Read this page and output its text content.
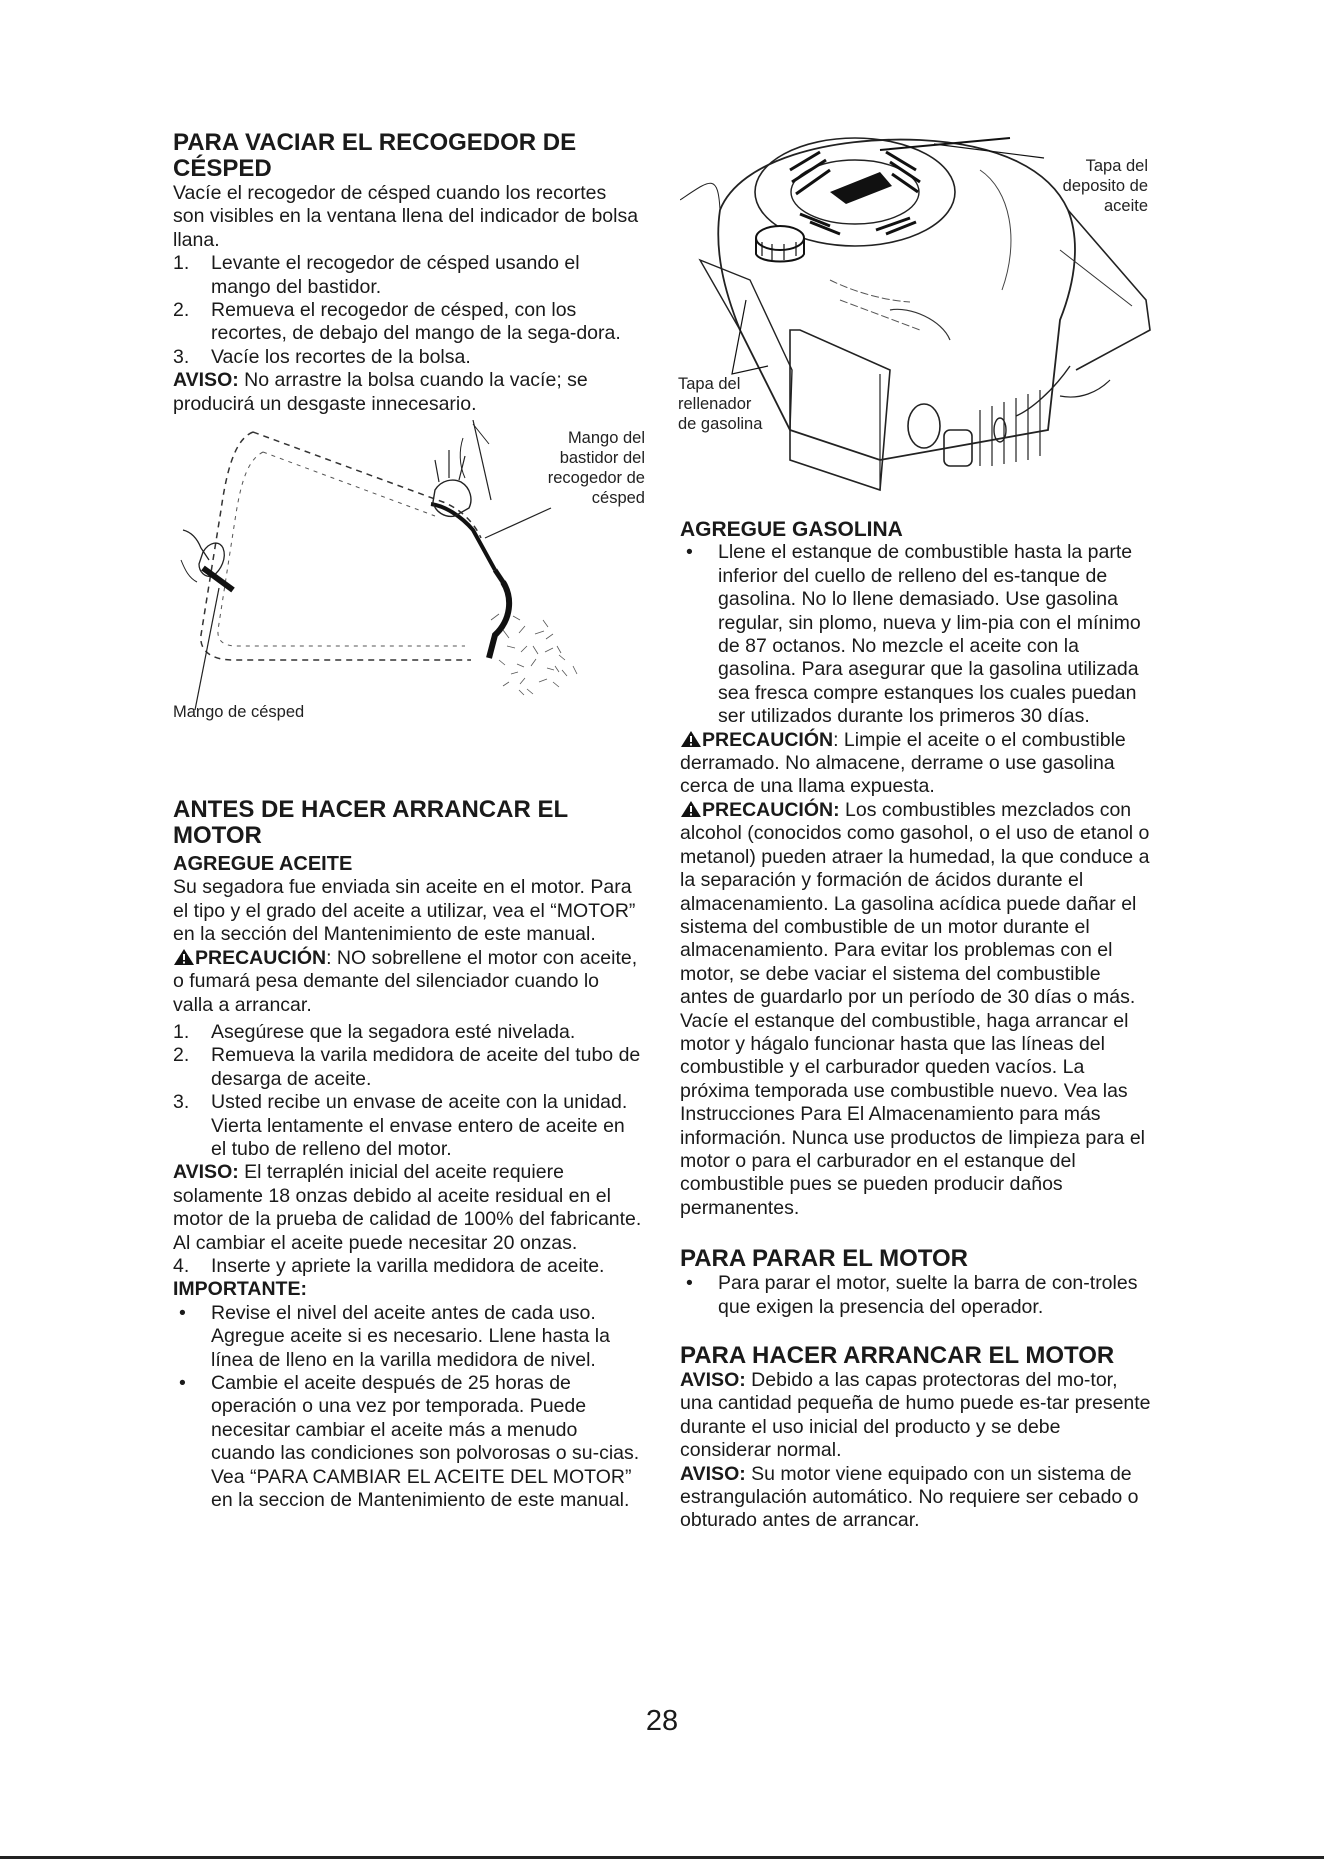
PARA VACIAR EL RECOGEDOR DE CÉSPED

Vacíe el recogedor de césped cuando los recortes son visibles en la ventana llena del indicador de bolsa llana.

1. Levante el recogedor de césped usando el mango del bastidor.
2. Remueva el recogedor de césped, con los recortes, de debajo del mango de la sega-dora.
3. Vacíe los recortes de la bolsa.

AVISO: No arrastre la bolsa cuando la vacíe; se producirá un desgaste innecesario.

Mango del bastidor del recogedor de césped
Mango de césped
ANTES DE HACER ARRANCAR EL MOTOR
AGREGUE ACEITE

Su segadora fue enviada sin aceite en el motor. Para el tipo y el grado del aceite a utilizar, vea el “MOTOR” en la sección del Mantenimiento de este manual.

PRECAUCIÓN: NO sobrellene el motor con aceite, o fumará pesa demante del silenciador cuando lo valla a arrancar.

1. Asegúrese que la segadora esté nivelada.
2. Remueva la varila medidora de aceite del tubo de desarga de aceite.
3. Usted recibe un envase de aceite con la unidad. Vierta lentamente el envase entero de aceite en el tubo de relleno del motor.

AVISO: El terraplén inicial del aceite requiere solamente 18 onzas debido al aceite residual en el motor de la prueba de calidad de 100% del fabricante. Al cambiar el aceite puede necesitar 20 onzas.

4. Inserte y apriete la varilla medidora de aceite.

IMPORTANTE:

• Revise el nivel del aceite antes de cada uso. Agregue aceite si es necesario. Llene hasta la línea de lleno en la varilla medidora de nivel.
• Cambie el aceite después de 25 horas de operación o una vez por temporada. Puede necesitar cambiar el aceite más a menudo cuando las condiciones son polvorosas o su-cias. Vea “PARA CAMBIAR EL ACEITE DEL MOTOR” en la seccion de Mantenimiento de este manual.
Tapa del deposito de aceite
Tapa del rellenador de gasolina
AGREGUE GASOLINA
• Llene el estanque de combustible hasta la parte inferior del cuello de relleno del es-tanque de gasolina. No lo llene demasiado. Use gasolina regular, sin plomo, nueva y lim-pia con el mínimo de 87 octanos. No mezcle el aceite con la gasolina. Para asegurar que la gasolina utilizada sea fresca compre estanques los cuales puedan ser utilizados durante los primeros 30 días.

PRECAUCIÓN: Limpie el aceite o el combustible derramado. No almacene, derrame o use gasolina cerca de una llama expuesta.

PRECAUCIÓN: Los combustibles mezclados con alcohol (conocidos como gasohol, o el uso de etanol o metanol) pueden atraer la humedad, la que conduce a la separación y formación de ácidos durante el almacenamiento. La gasolina acídica puede dañar el sistema del combustible de un motor durante el almacenamiento. Para evitar los problemas con el motor, se debe vaciar el sistema del combustible antes de guardarlo por un período de 30 días o más. Vacíe el estanque del combustible, haga arrancar el motor y hágalo funcionar hasta que las líneas del combustible y el carburador queden vacíos. La próxima temporada use combustible nuevo. Vea las Instrucciones Para El Almacenamiento para más información. Nunca use productos de limpieza para el motor o para el carburador en el estanque del combustible pues se pueden producir daños permanentes.

PARA PARAR EL MOTOR
• Para parar el motor, suelte la barra de con-troles que exigen la presencia del operador.
PARA HACER ARRANCAR EL MOTOR

AVISO: Debido a las capas protectoras del mo-tor, una cantidad pequeña de humo puede es-tar presente durante el uso inicial del producto y se debe considerar normal.

AVISO: Su motor viene equipado con un sistema de estrangulación automático. No requiere ser cebado o obturado antes de arrancar.

28
